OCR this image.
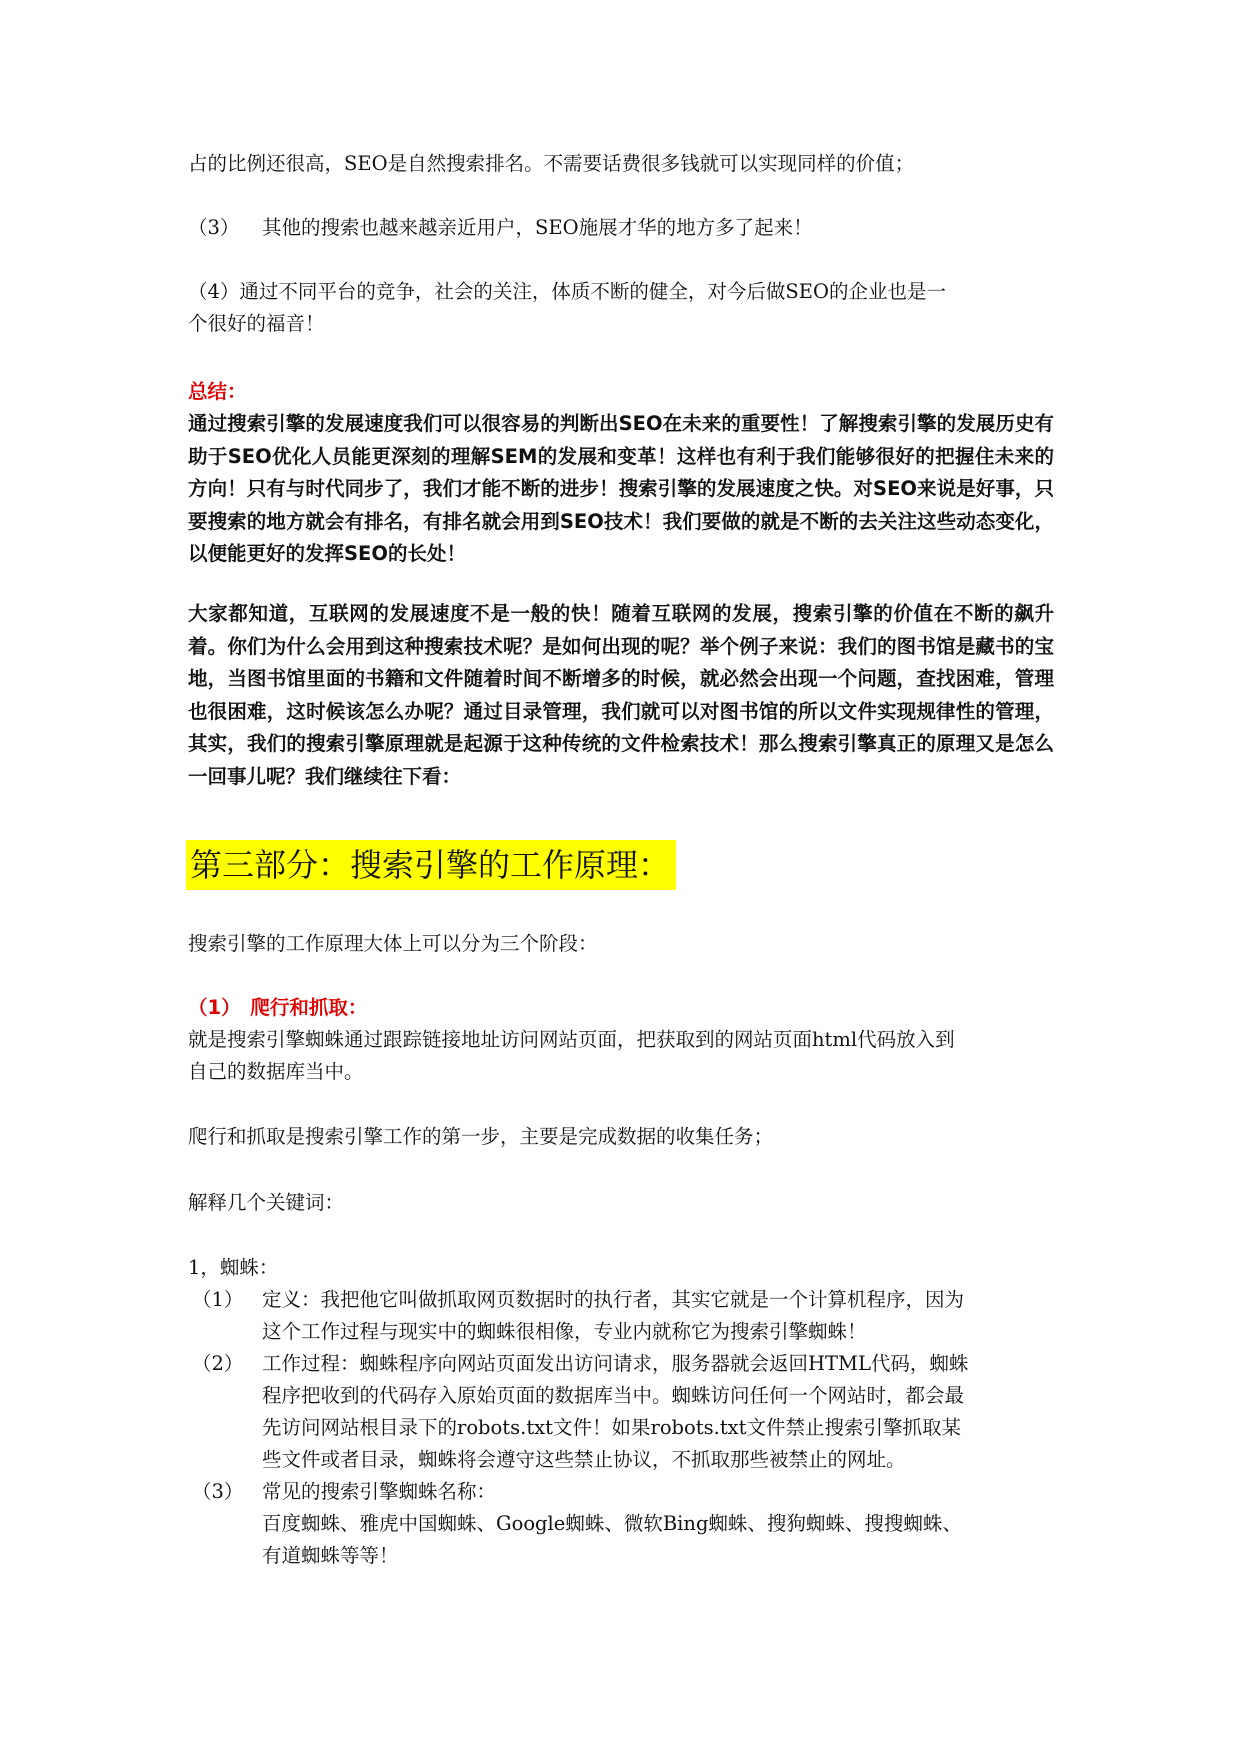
占的比例还很高，SEO是自然搜索排名。不需要话费很多钱就可以实现同样的价值；
（3） 其他的搜索也越来越亲近用户，SEO施展才华的地方多了起来！
（4）通过不同平台的竞争，社会的关注，体质不断的健全，对今后做SEO的企业也是一
个很好的福音！
总结：
通过搜索引擎的发展速度我们可以很容易的判断出SEO在未来的重要性！了解搜索引擎的发展历史有助于SEO优化人员能更深刻的理解SEM的发展和变革！这样也有利于我们能够很好的把握住未来的方向！只有与时代同步了，我们才能不断的进步！搜索引擎的发展速度之快。对SEO来说是好事，只要搜索的地方就会有排名，有排名就会用到SEO技术！我们要做的就是不断的去关注这些动态变化，以便能更好的发挥SEO的长处！
大家都知道，互联网的发展速度不是一般的快！随着互联网的发展，搜索引擎的价值在不断的飙升着。你们为什么会用到这种搜索技术呢？是如何出现的呢？举个例子来说：我们的图书馆是藏书的宝地，当图书馆里面的书籍和文件随着时间不断增多的时候，就必然会出现一个问题，查找困难，管理也很困难，这时候该怎么办呢？通过目录管理，我们就可以对图书馆的所以文件实现规律性的管理，其实，我们的搜索引擎原理就是起源于这种传统的文件检索技术！那么搜索引擎真正的原理又是怎么一回事儿呢？我们继续往下看：
第三部分：搜索引擎的工作原理：
搜索引擎的工作原理大体上可以分为三个阶段：
（1）　爬行和抓取：
就是搜索引擎蜘蛛通过跟踪链接地址访问网站页面，把获取到的网站页面html代码放入到
自己的数据库当中。
爬行和抓取是搜索引擎工作的第一步，主要是完成数据的收集任务；
解释几个关键词：
1，蜘蛛：
（1） 定义：我把他它叫做抓取网页数据时的执行者，其实它就是一个计算机程序，因为
这个工作过程与现实中的蜘蛛很相像，专业内就称它为搜索引擎蜘蛛！
（2） 工作过程：蜘蛛程序向网站页面发出访问请求，服务器就会返回HTML代码，蜘蛛
程序把收到的代码存入原始页面的数据库当中。蜘蛛访问任何一个网站时，都会最
先访问网站根目录下的robots.txt文件！如果robots.txt文件禁止搜索引擎抓取某
些文件或者目录，蜘蛛将会遵守这些禁止协议，不抓取那些被禁止的网址。
（3） 常见的搜索引擎蜘蛛名称：
百度蜘蛛、雅虎中国蜘蛛、Google蜘蛛、微软Bing蜘蛛、搜狗蜘蛛、搜搜蜘蛛、
有道蜘蛛等等！
